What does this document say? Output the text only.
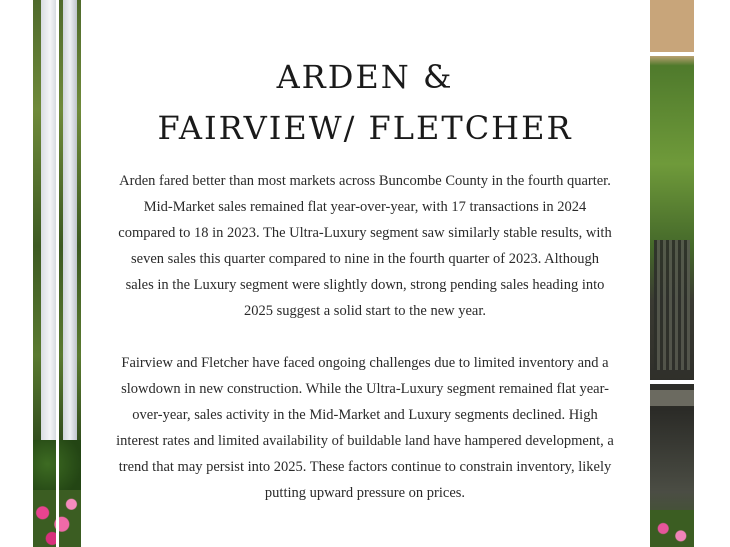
ARDEN &
FAIRVIEW/ FLETCHER

Arden fared better than most markets across Buncombe County in the fourth quarter. Mid-Market sales remained flat year-over-year, with 17 transactions in 2024 compared to 18 in 2023. The Ultra-Luxury segment saw similarly stable results, with seven sales this quarter compared to nine in the fourth quarter of 2023. Although sales in the Luxury segment were slightly down, strong pending sales heading into 2025 suggest a solid start to the new year.

Fairview and Fletcher have faced ongoing challenges due to limited inventory and a slowdown in new construction. While the Ultra-Luxury segment remained flat year-over-year, sales activity in the Mid-Market and Luxury segments declined. High interest rates and limited availability of buildable land have hampered development, a trend that may persist into 2025. These factors continue to constrain inventory, likely putting upward pressure on prices.
